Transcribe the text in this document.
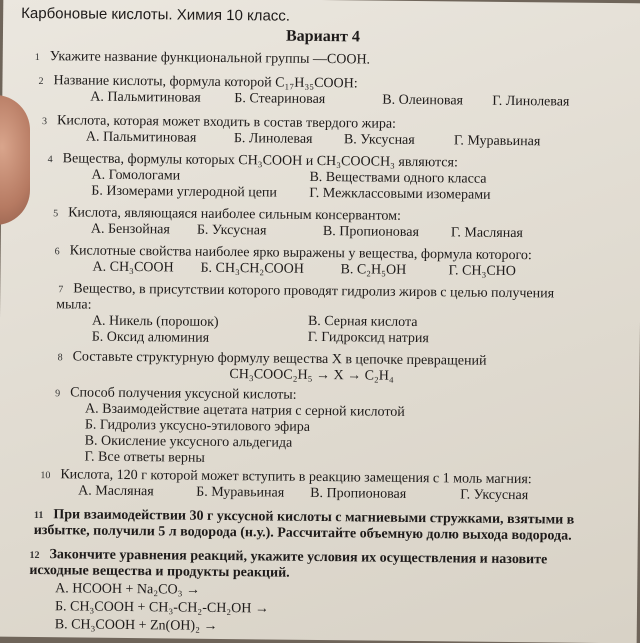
Карбоновые кислоты. Химия 10 класс.
Вариант 4
1 Укажите название функциональной группы —COOH.
2 Название кислоты, формула которой C₁₇H₃₅COOH:
А. Пальмитиновая Б. Стеариновая	В. Олеиновая Г. Линолевая
3 Кислота, которая может входить в состав твердого жира:
А. Пальмитиновая	Б. Линолевая В. Уксусная	Г. Муравьиная
4 Вещества, формулы которых CH₃COOH и CH₃COOCH₃ являются:
А. Гомологами	В. Веществами одного класса
Б. Изомерами углеродной цепи Г. Межклассовыми изомерами
5 Кислота, являющаяся наиболее сильным консервантом:
А. Бензойная Б. Уксусная	В. Пропионовая Г. Масляная
6 Кислотные свойства наиболее ярко выражены у вещества, формула которого:
А. CH₃COOH Б. CH₃CH₂COOH	В. C₂H₅OH	Г. CH₃CHO
7 Вещество, в присутствии которого проводят гидролиз жиров с целью получения
мыла:
А. Никель (порошок)	В. Серная кислота
Б. Оксид алюминия	Г. Гидроксид натрия
8 Составьте структурную формулу вещества X в цепочке превращений
CH₃COOC₂H₅ → X → C₂H₄
9 Способ получения уксусной кислоты:
А. Взаимодействие ацетата натрия с серной кислотой
Б. Гидролиз уксусно-этилового эфира
В. Окисление уксусного альдегида
Г. Все ответы верны
10 Кислота, 120 г которой может вступить в реакцию замещения с 1 моль магния:
А. Масляная	Б. Муравьиная В. Пропионовая	Г. Уксусная
11 При взаимодействии 30 г уксусной кислоты с магниевыми стружками, взятыми в
избытке, получили 5 л водорода (н.у.). Рассчитайте объемную долю выхода водорода.
12 Закончите уравнения реакций, укажите условия их осуществления и назовите
исходные вещества и продукты реакций.
А. HCOOH + Na₂CO₃ →
Б. CH₃COOH + CH₃-CH₂-CH₂OH →
В. CH₃COOH + Zn(OH)₂ →
